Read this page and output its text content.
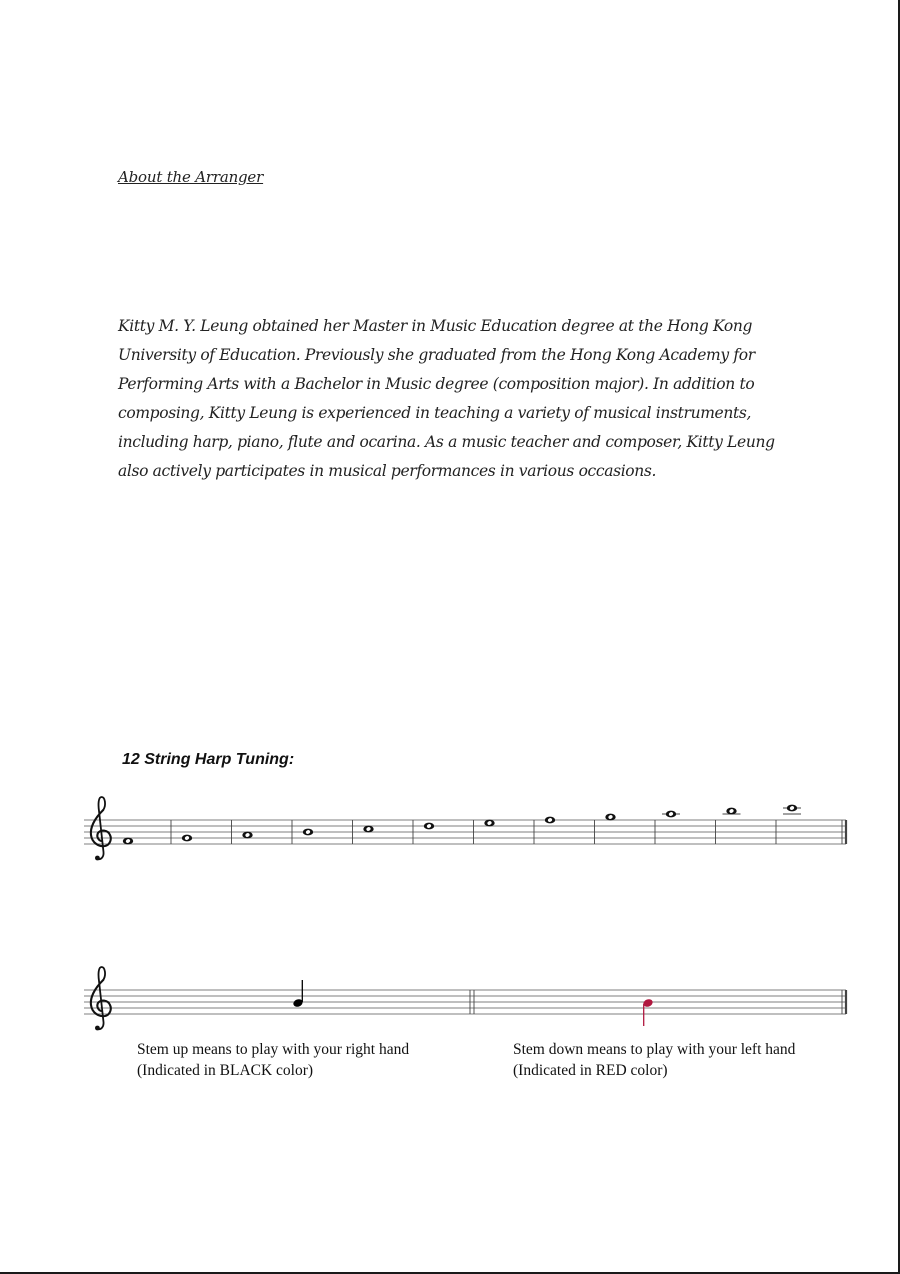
About the Arranger

Kitty M. Y. Leung obtained her Master in Music Education degree at the Hong Kong
University of Education. Previously she graduated from the Hong Kong Academy for
Performing Arts with a Bachelor in Music degree (composition major). In addition to
composing, Kitty Leung is experienced in teaching a variety of musical instruments,
including harp, piano, flute and ocarina. As a music teacher and composer, Kitty Leung
also actively participates in musical performances in various occasions.

12 String Harp Tuning:
Stem up means to play with your right hand
(Indicated in BLACK color)
Stem down means to play with your left hand
(Indicated in RED color)
